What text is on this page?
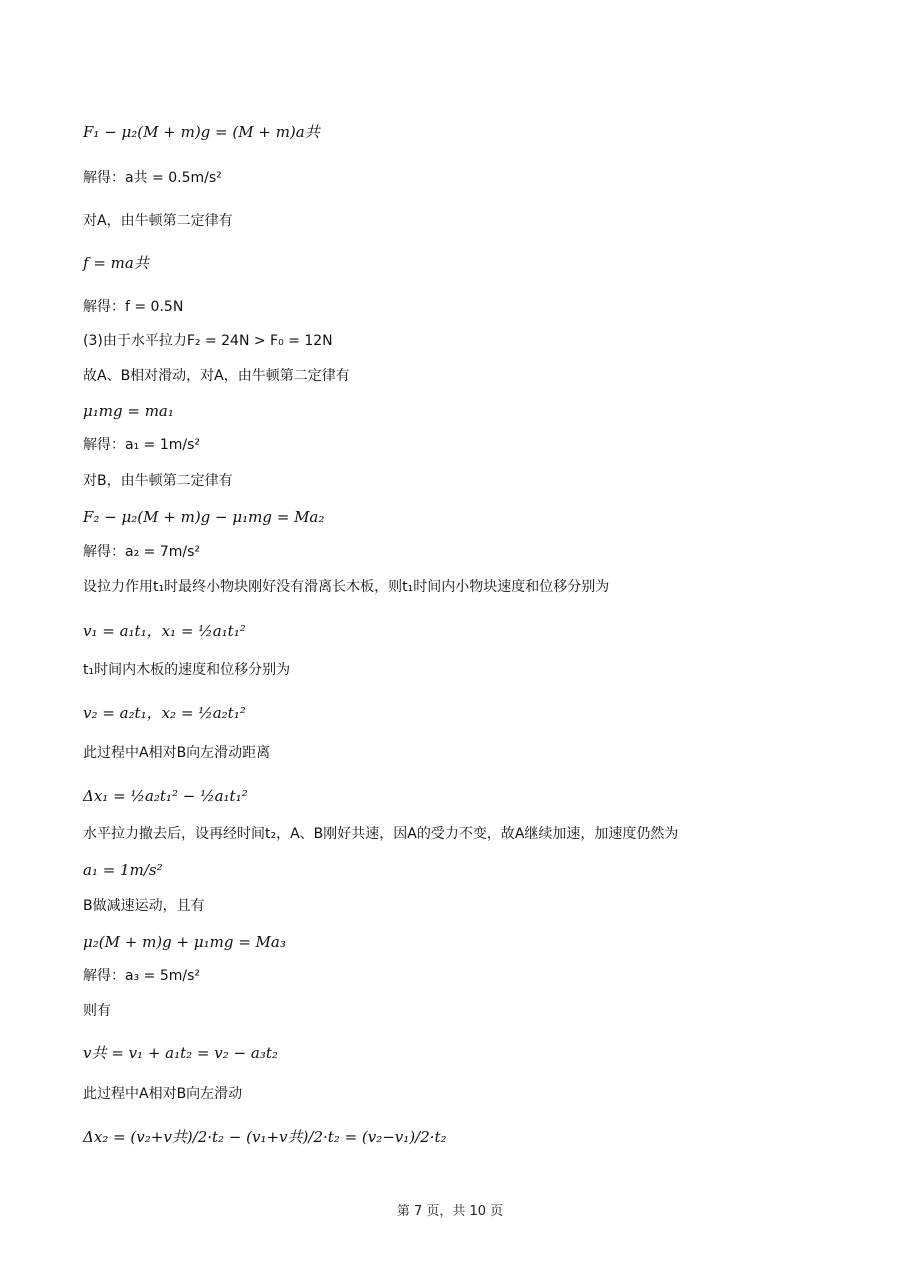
F₁ − μ₂(M + m)g = (M + m)a共
解得：a共 = 0.5m/s²
对A，由牛顿第二定律有
f = ma共
解得：f = 0.5N
(3)由于水平拉力F₂ = 24N > F₀ = 12N
故A、B相对滑动，对A，由牛顿第二定律有
μ₁mg = ma₁
解得：a₁ = 1m/s²
对B，由牛顿第二定律有
F₂ − μ₂(M + m)g − μ₁mg = Ma₂
解得：a₂ = 7m/s²
设拉力作用t₁时最终小物块刚好没有滑离长木板，则t₁时间内小物块速度和位移分别为
v₁ = a₁t₁，x₁ = ½a₁t₁²
t₁时间内木板的速度和位移分别为
v₂ = a₂t₁，x₂ = ½a₂t₁²
此过程中A相对B向左滑动距离
Δx₁ = ½a₂t₁² − ½a₁t₁²
水平拉力撤去后，设再经时间t₂，A、B刚好共速，因A的受力不变，故A继续加速，加速度仍然为
a₁ = 1m/s²
B做减速运动，且有
μ₂(M + m)g + μ₁mg = Ma₃
解得：a₃ = 5m/s²
则有
v共 = v₁ + a₁t₂ = v₂ − a₃t₂
此过程中A相对B向左滑动
Δx₂ = (v₂+v共)/2·t₂ − (v₁+v共)/2·t₂ = (v₂−v₁)/2·t₂
第 7 页，共 10 页
